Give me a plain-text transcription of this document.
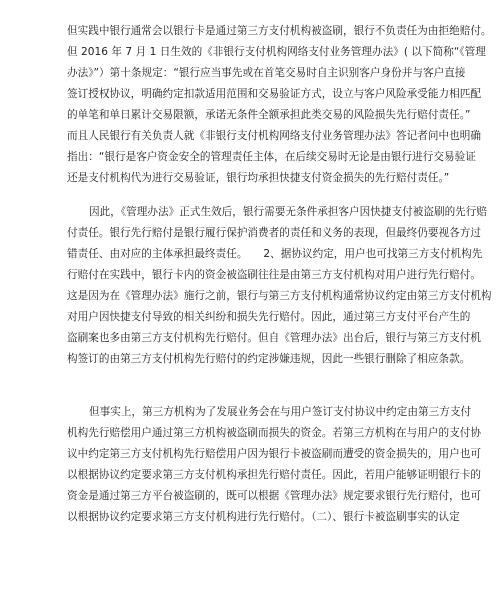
但实践中银行通常会以银行卡是通过第三方支付机构被盗刷，银行不负责任为由拒绝赔付。
但 2016 年 7 月 1 日生效的《非银行支付机构网络支付业务管理办法》( 以下简称“《管理
办法》”）第十条规定：“银行应当事先或在首笔交易时自主识别客户身份并与客户直接
签订授权协议，明确约定扣款适用范围和交易验证方式，设立与客户风险承受能力相匹配
的单笔和单日累计交易限额，承诺无条件全额承担此类交易的风险损失先行赔付责任。”
而且人民银行有关负责人就《非银行支付机构网络支付业务管理办法》答记者问中也明确
指出：“银行是客户资金安全的管理责任主体，在后续交易时无论是由银行进行交易验证
还是支付机构代为进行交易验证，银行均承担快捷支付资金损失的先行赔付责任。”
因此，《管理办法》正式生效后，银行需要无条件承担客户因快捷支付被盗刷的先行赔
付责任。银行先行赔付是银行履行保护消费者的责任和义务的表现，但最终仍要视各方过
错责任、由对应的主体承担最终责任。　　2、据协议约定，用户也可找第三方支付机构先
行赔付在实践中，银行卡内的资金被盗刷往往是由第三方支付机构对用户进行先行赔付。
这是因为在《管理办法》施行之前，银行与第三方支付机构通常协议约定由第三方支付机构
对用户因快捷支付导致的相关纠纷和损失先行赔付。因此，通过第三方支付平台产生的
盗刷案也多由第三方支付机构先行赔付。但自《管理办法》出台后，银行与第三方支付机
构签订的由第三方支付机构先行赔付的约定涉嫌违规，因此一些银行删除了相应条款。
但事实上，第三方机构为了发展业务会在与用户签订支付协议中约定由第三方支付
机构先行赔偿用户通过第三方机构被盗刷而损失的资金。若第三方机构在与用户的支付协
议中约定第三方支付机构先行赔偿用户因为银行卡被盗刷而遭受的资金损失的，用户也可
以根据协议约定要求第三方支付机构承担先行赔付责任。因此，若用户能够证明银行卡的
资金是通过第三方平台被盗刷的，既可以根据《管理办法》规定要求银行先行赔付，也可
以根据协议约定要求第三方支付机构进行先行赔付。（二）、银行卡被盗刷事实的认定
